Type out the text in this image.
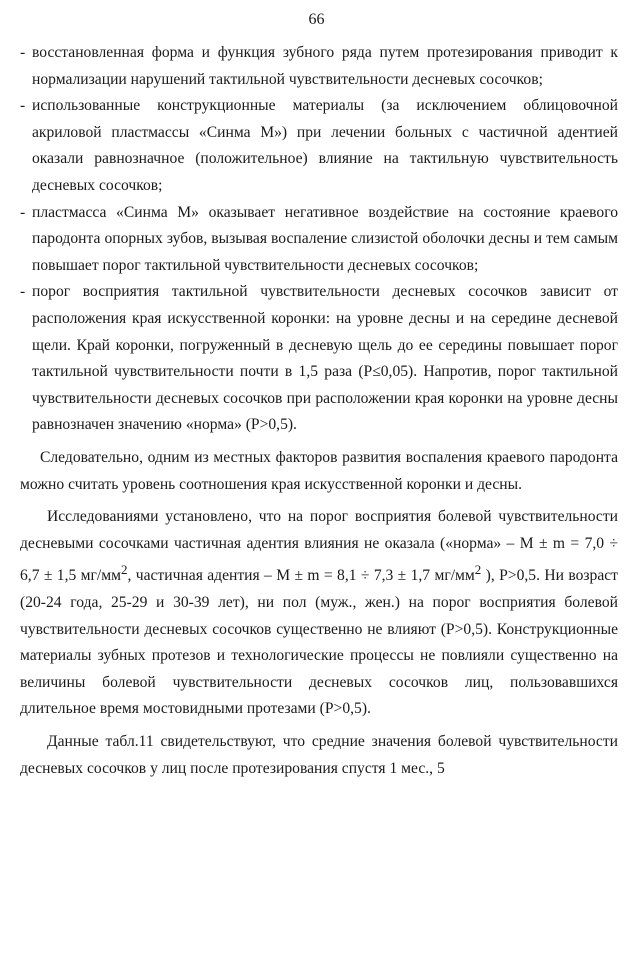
66
- восстановленная форма и функция зубного ряда путем протезирования приводит к нормализации нарушений тактильной чувствительности десневых сосочков;
- использованные конструкционные материалы (за исключением облицовочной акриловой пластмассы «Синма М») при лечении больных с частичной адентией оказали равнозначное (положительное) влияние на тактильную чувствительность десневых сосочков;
- пластмасса «Синма М» оказывает негативное воздействие на состояние краевого пародонта опорных зубов, вызывая воспаление слизистой оболочки десны и тем самым повышает порог тактильной чувствительности десневых сосочков;
- порог восприятия тактильной чувствительности десневых сосочков зависит от расположения края искусственной коронки: на уровне десны и на середине десневой щели. Край коронки, погруженный в десневую щель до ее середины повышает порог тактильной чувствительности почти в 1,5 раза (Р≤0,05). Напротив, порог тактильной чувствительности десневых сосочков при расположении края коронки на уровне десны равнозначен значению «норма» (Р>0,5).

Следовательно, одним из местных факторов развития воспаления краевого пародонта можно считать уровень соотношения края искусственной коронки и десны.

Исследованиями установлено, что на порог восприятия болевой чувствительности десневыми сосочками частичная адентия влияния не оказала («норма» – М ± m = 7,0 ÷ 6,7 ± 1,5 $мг/мм^2$, частичная адентия – М ± m = 8,1 ÷ 7,3 ± 1,7 $мг/мм^2$ ), Р>0,5. Ни возраст (20-24 года, 25-29 и 30-39 лет), ни пол (муж., жен.) на порог восприятия болевой чувствительности десневых сосочков существенно не влияют (Р>0,5). Конструкционные материалы зубных протезов и технологические процессы не повлияли существенно на величины болевой чувствительности десневых сосочков лиц, пользовавшихся длительное время мостовидными протезами (Р>0,5).

Данные табл.11 свидетельствуют, что средние значения болевой чувствительности десневых сосочков у лиц после протезирования спустя 1 мес., 5
